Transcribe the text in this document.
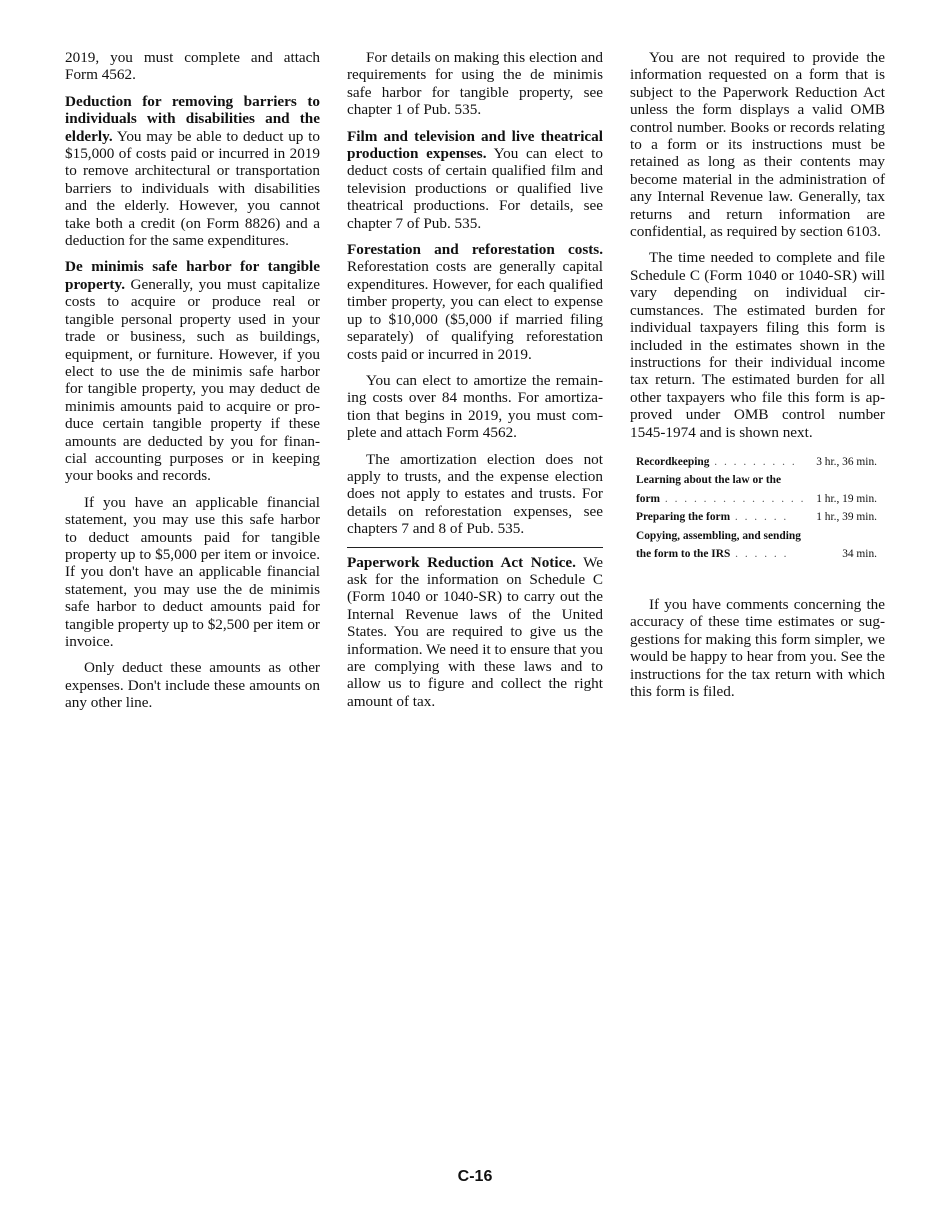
2019, you must complete and attach Form 4562.

Deduction for removing barriers to individuals with disabilities and the elderly. You may be able to deduct up to $15,000 of costs paid or incurred in 2019 to remove architectural or transportation barriers to individuals with disabilities and the elderly. However, you cannot take both a credit (on Form 8826) and a deduction for the same expenditures.

De minimis safe harbor for tangible property. Generally, you must capitalize costs to acquire or produce real or tangible personal property used in your trade or business, such as buildings, equipment, or furniture. However, if you elect to use the de minimis safe harbor for tangible property, you may deduct de minimis amounts paid to acquire or produce certain tangible property if these amounts are deducted by you for financial accounting purposes or in keeping your books and records.

If you have an applicable financial statement, you may use this safe harbor to deduct amounts paid for tangible property up to $5,000 per item or invoice. If you don't have an applicable financial statement, you may use the de minimis safe harbor to deduct amounts paid for tangible property up to $2,500 per item or invoice.

Only deduct these amounts as other expenses. Don't include these amounts on any other line.

For details on making this election and requirements for using the de minimis safe harbor for tangible property, see chapter 1 of Pub. 535.

Film and television and live theatrical production expenses. You can elect to deduct costs of certain qualified film and television productions or qualified live theatrical productions. For details, see chapter 7 of Pub. 535.

Forestation and reforestation costs. Reforestation costs are generally capital expenditures. However, for each qualified timber property, you can elect to expense up to $10,000 ($5,000 if married filing separately) of qualifying reforestation costs paid or incurred in 2019.

You can elect to amortize the remaining costs over 84 months. For amortization that begins in 2019, you must complete and attach Form 4562.

The amortization election does not apply to trusts, and the expense election does not apply to estates and trusts. For details on reforestation expenses, see chapters 7 and 8 of Pub. 535.

Paperwork Reduction Act Notice. We ask for the information on Schedule C (Form 1040 or 1040-SR) to carry out the Internal Revenue laws of the United States. You are required to give us the information. We need it to ensure that you are complying with these laws and to allow us to figure and collect the right amount of tax.

You are not required to provide the information requested on a form that is subject to the Paperwork Reduction Act unless the form displays a valid OMB control number. Books or records relating to a form or its instructions must be retained as long as their contents may become material in the administration of any Internal Revenue law. Generally, tax returns and return information are confidential, as required by section 6103.

The time needed to complete and file Schedule C (Form 1040 or 1040-SR) will vary depending on individual circumstances. The estimated burden for individual taxpayers filing this form is included in the estimates shown in the instructions for their individual income tax return. The estimated burden for all other taxpayers who file this form is approved under OMB control number 1545-1974 and is shown next.

Recordkeeping . . . . . . . . .	3 hr., 36 min.
Learning about the law or the	
form . . . . . . . . . . . . . . .	1 hr., 19 min.
Preparing the form . . . . . .	1 hr., 39 min.
Copying, assembling, and sending	
the form to the IRS . . . . . .	34 min.

If you have comments concerning the accuracy of these time estimates or suggestions for making this form simpler, we would be happy to hear from you. See the instructions for the tax return with which this form is filed.

C-16
